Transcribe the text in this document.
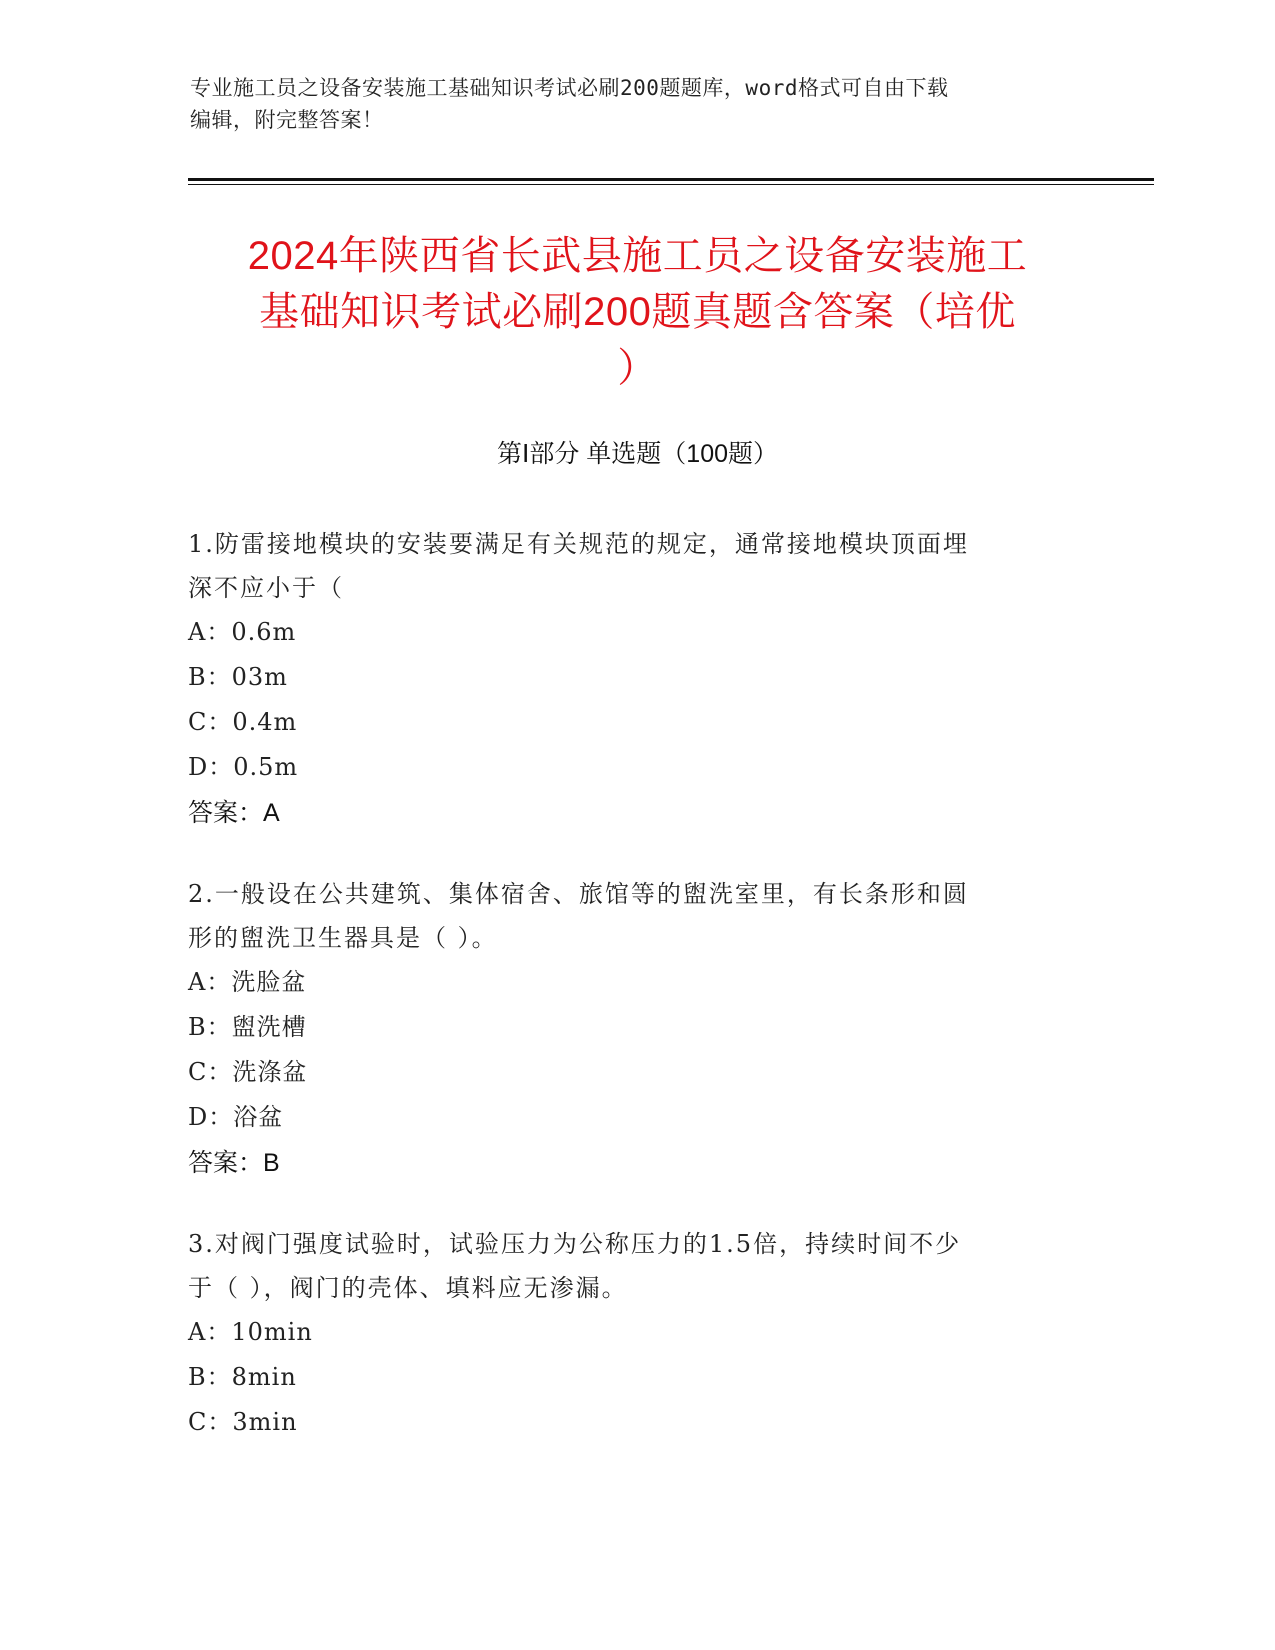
专业施工员之设备安装施工基础知识考试必刷200题题库，word格式可自由下载
编辑，附完整答案！
2024年陕西省长武县施工员之设备安装施工
基础知识考试必刷200题真题含答案（培优
）
第Ⅰ部分 单选题（100题）
1.防雷接地模块的安装要满足有关规范的规定，通常接地模块顶面埋
深不应小于（
A：0.6m
B：03m
C：0.4m
D：0.5m
答案：A
2.一般设在公共建筑、集体宿舍、旅馆等的盥洗室里，有长条形和圆
形的盥洗卫生器具是（ ）。
A：洗脸盆
B：盥洗槽
C：洗涤盆
D：浴盆
答案：B
3.对阀门强度试验时，试验压力为公称压力的1.5倍，持续时间不少
于（ ），阀门的壳体、填料应无渗漏。
A：10min
B：8min
C：3min
